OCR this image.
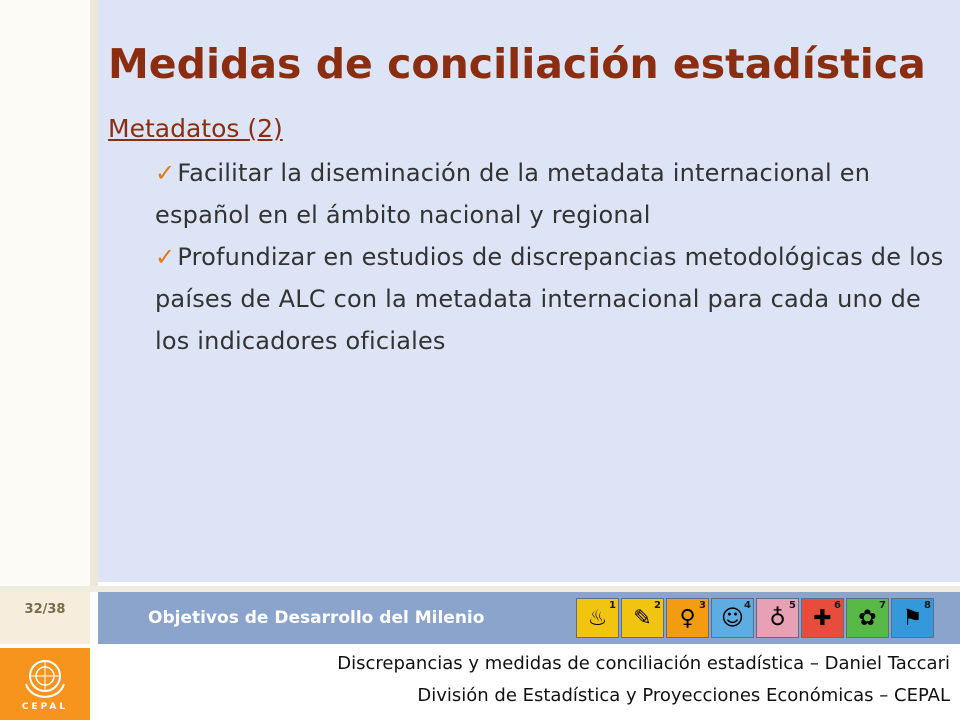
Medidas de conciliación estadística
Metadatos (2)
✓Facilitar la diseminación de la metadata internacional en español en el ámbito nacional y regional
✓Profundizar en estudios de discrepancias metodológicas de los países de ALC con la metadata internacional para cada uno de los indicadores oficiales
32/38	Objetivos de Desarrollo del Milenio	♨
1
✎
2
♀
3
☺
4
♁
5
✚
6
✿
7
⚑
8
CEPAL
Discrepancias y medidas de conciliación estadística – Daniel Taccari
División de Estadística y Proyecciones Económicas – CEPAL
